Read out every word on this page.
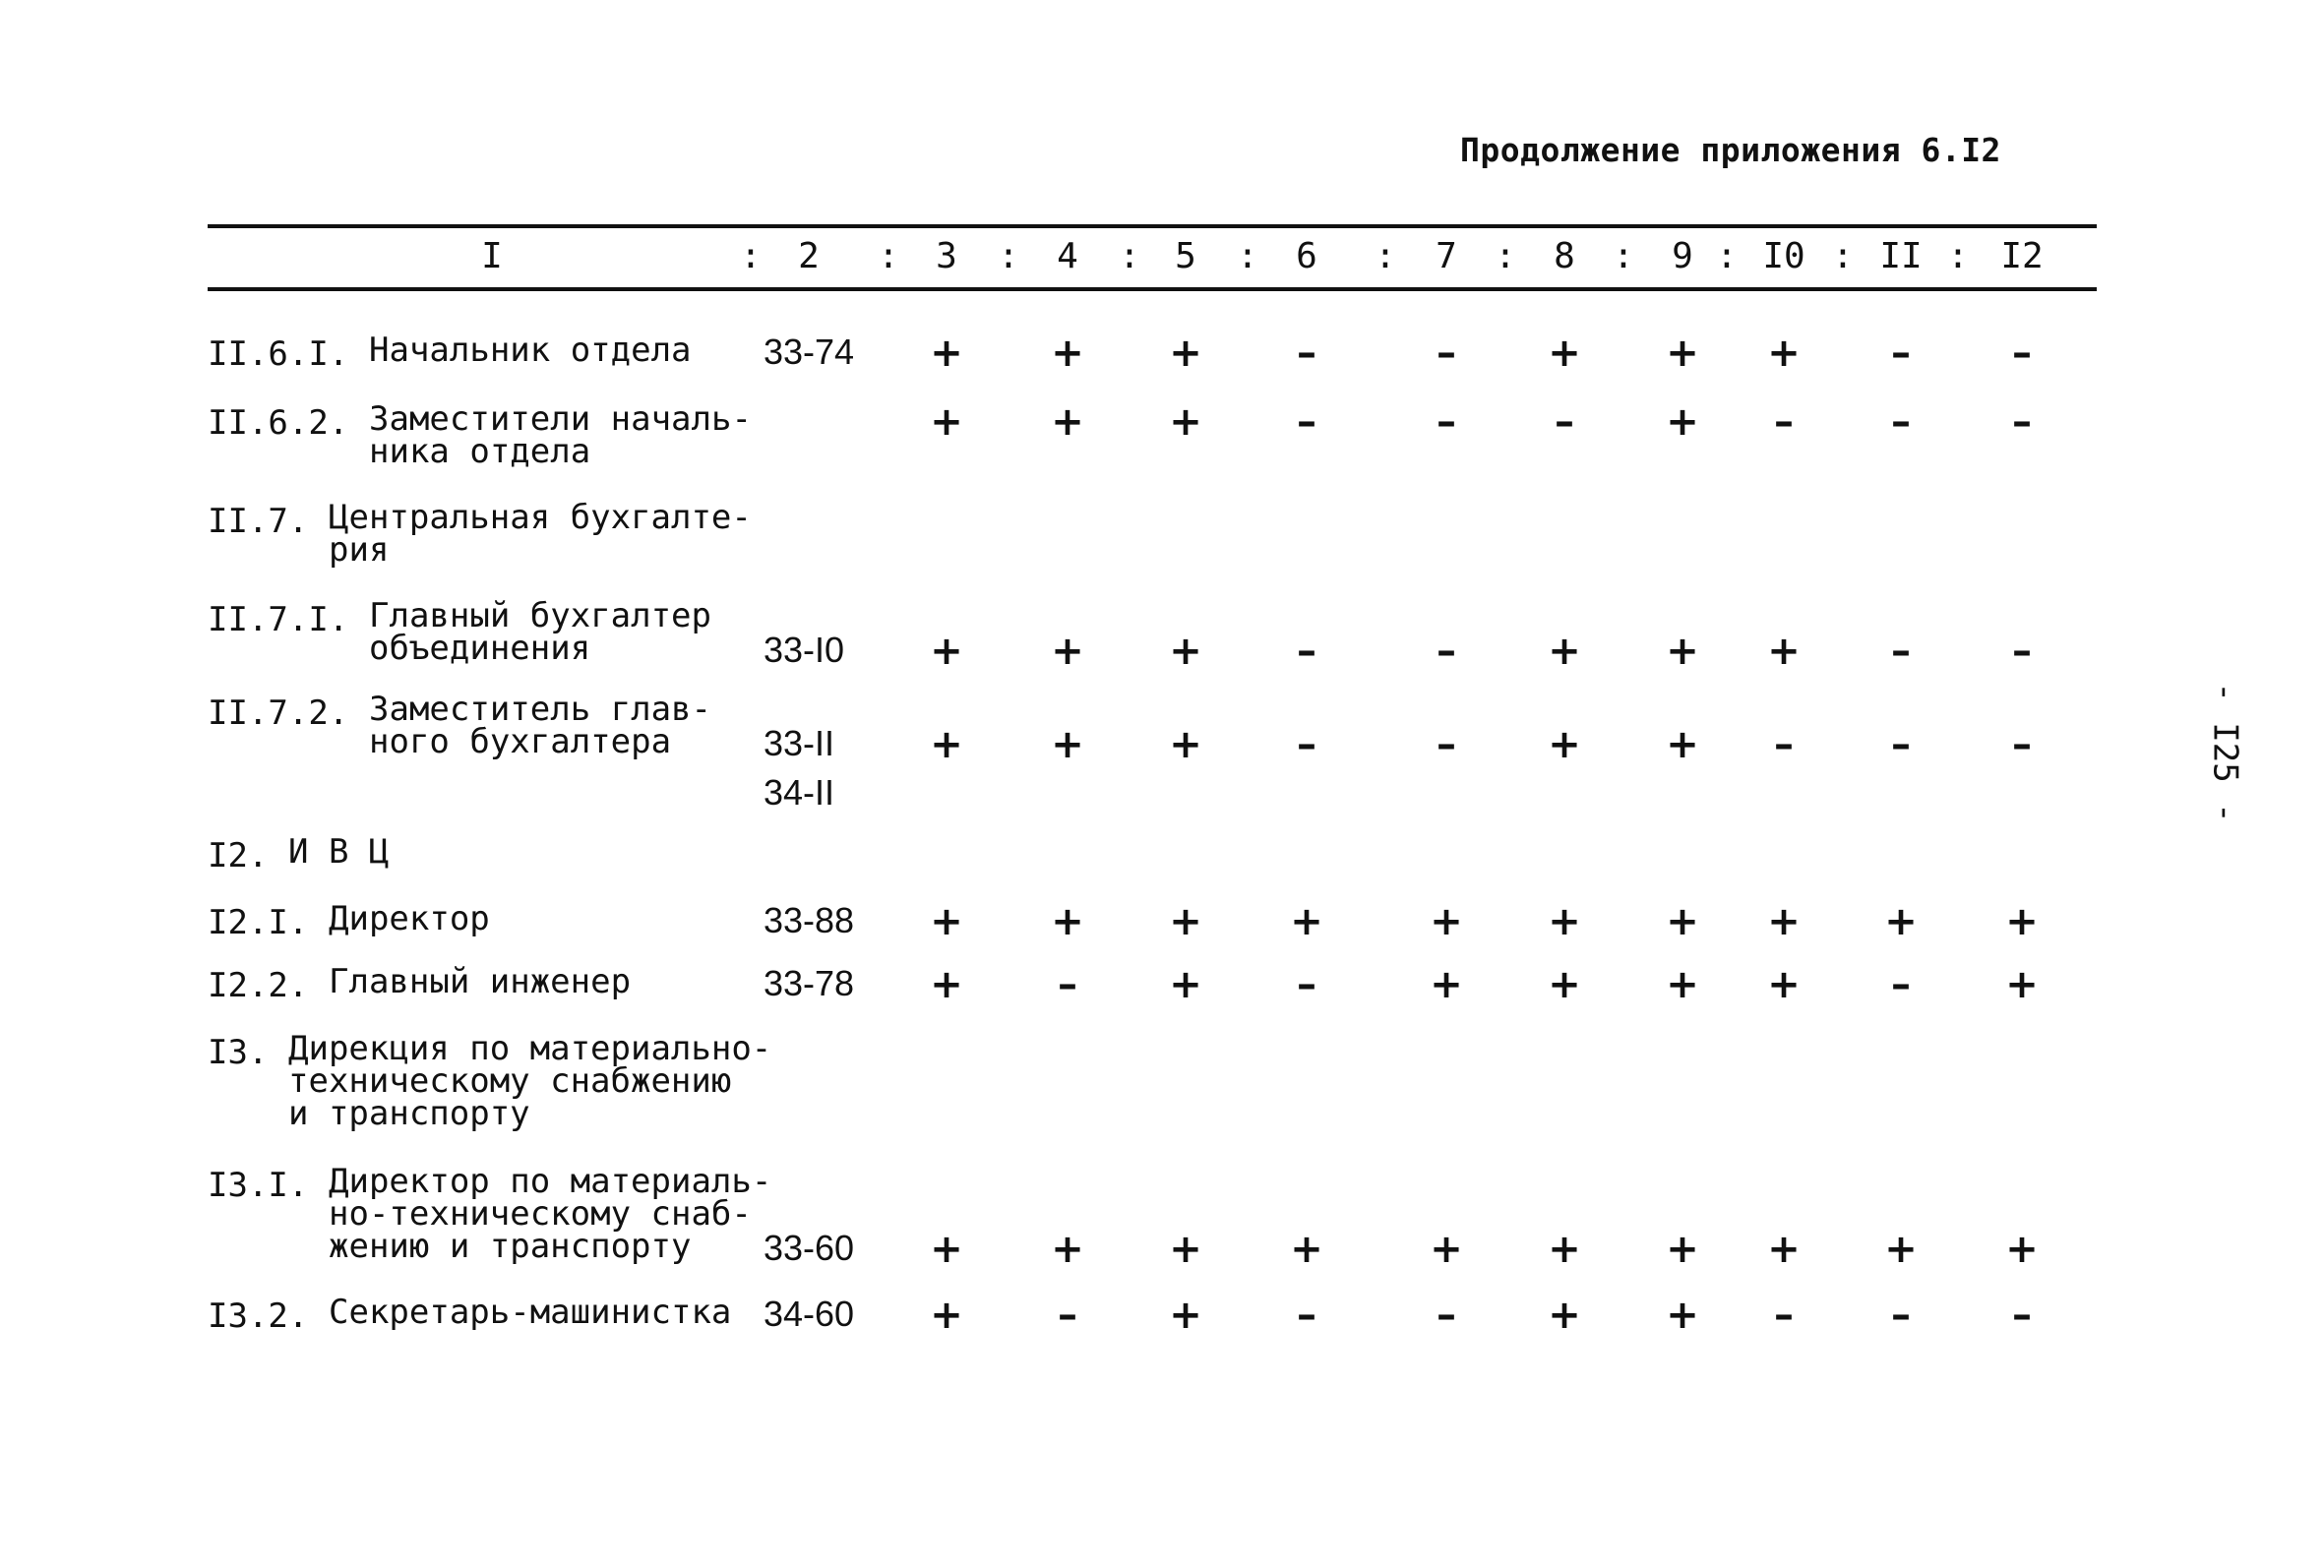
Продолжение приложения 6.I2
I	2	3	4	5	6	7	8	9 I0 II I2
:	:	:	:	:	:	:	: :	:	:
II.6.I. Начальник отдела 33-74 + + + –	– + + + –	–
II.6.2. Заместители началь-
ника отдела
+ + + –	–	– + – –	–
II.7. Центральная бухгалте-
рия
II.7.I. Главный бухгалтер
объединения	33-I0 + + + –	– + + + –	–
II.7.2. Заместитель глав-
ного бухгалтера	33-II
34-II
+ + + –	– + + – –	–
I2. И В Ц
I2.I. Директор	33-88 + + + +	+ + + + + +
I2.2. Главный инженер	33-78 + – + –	+ + + + – +
I3. Дирекция по материально-
техническому снабжению
и транспорту
I3.I. Директор по материаль-
но-техническому снаб-
жению и транспорту 33-60 + + + +	+ + + + + +
I3.2. Секретарь-машинистка 34-60 + – + –	– + + – –	–
- I25 -
